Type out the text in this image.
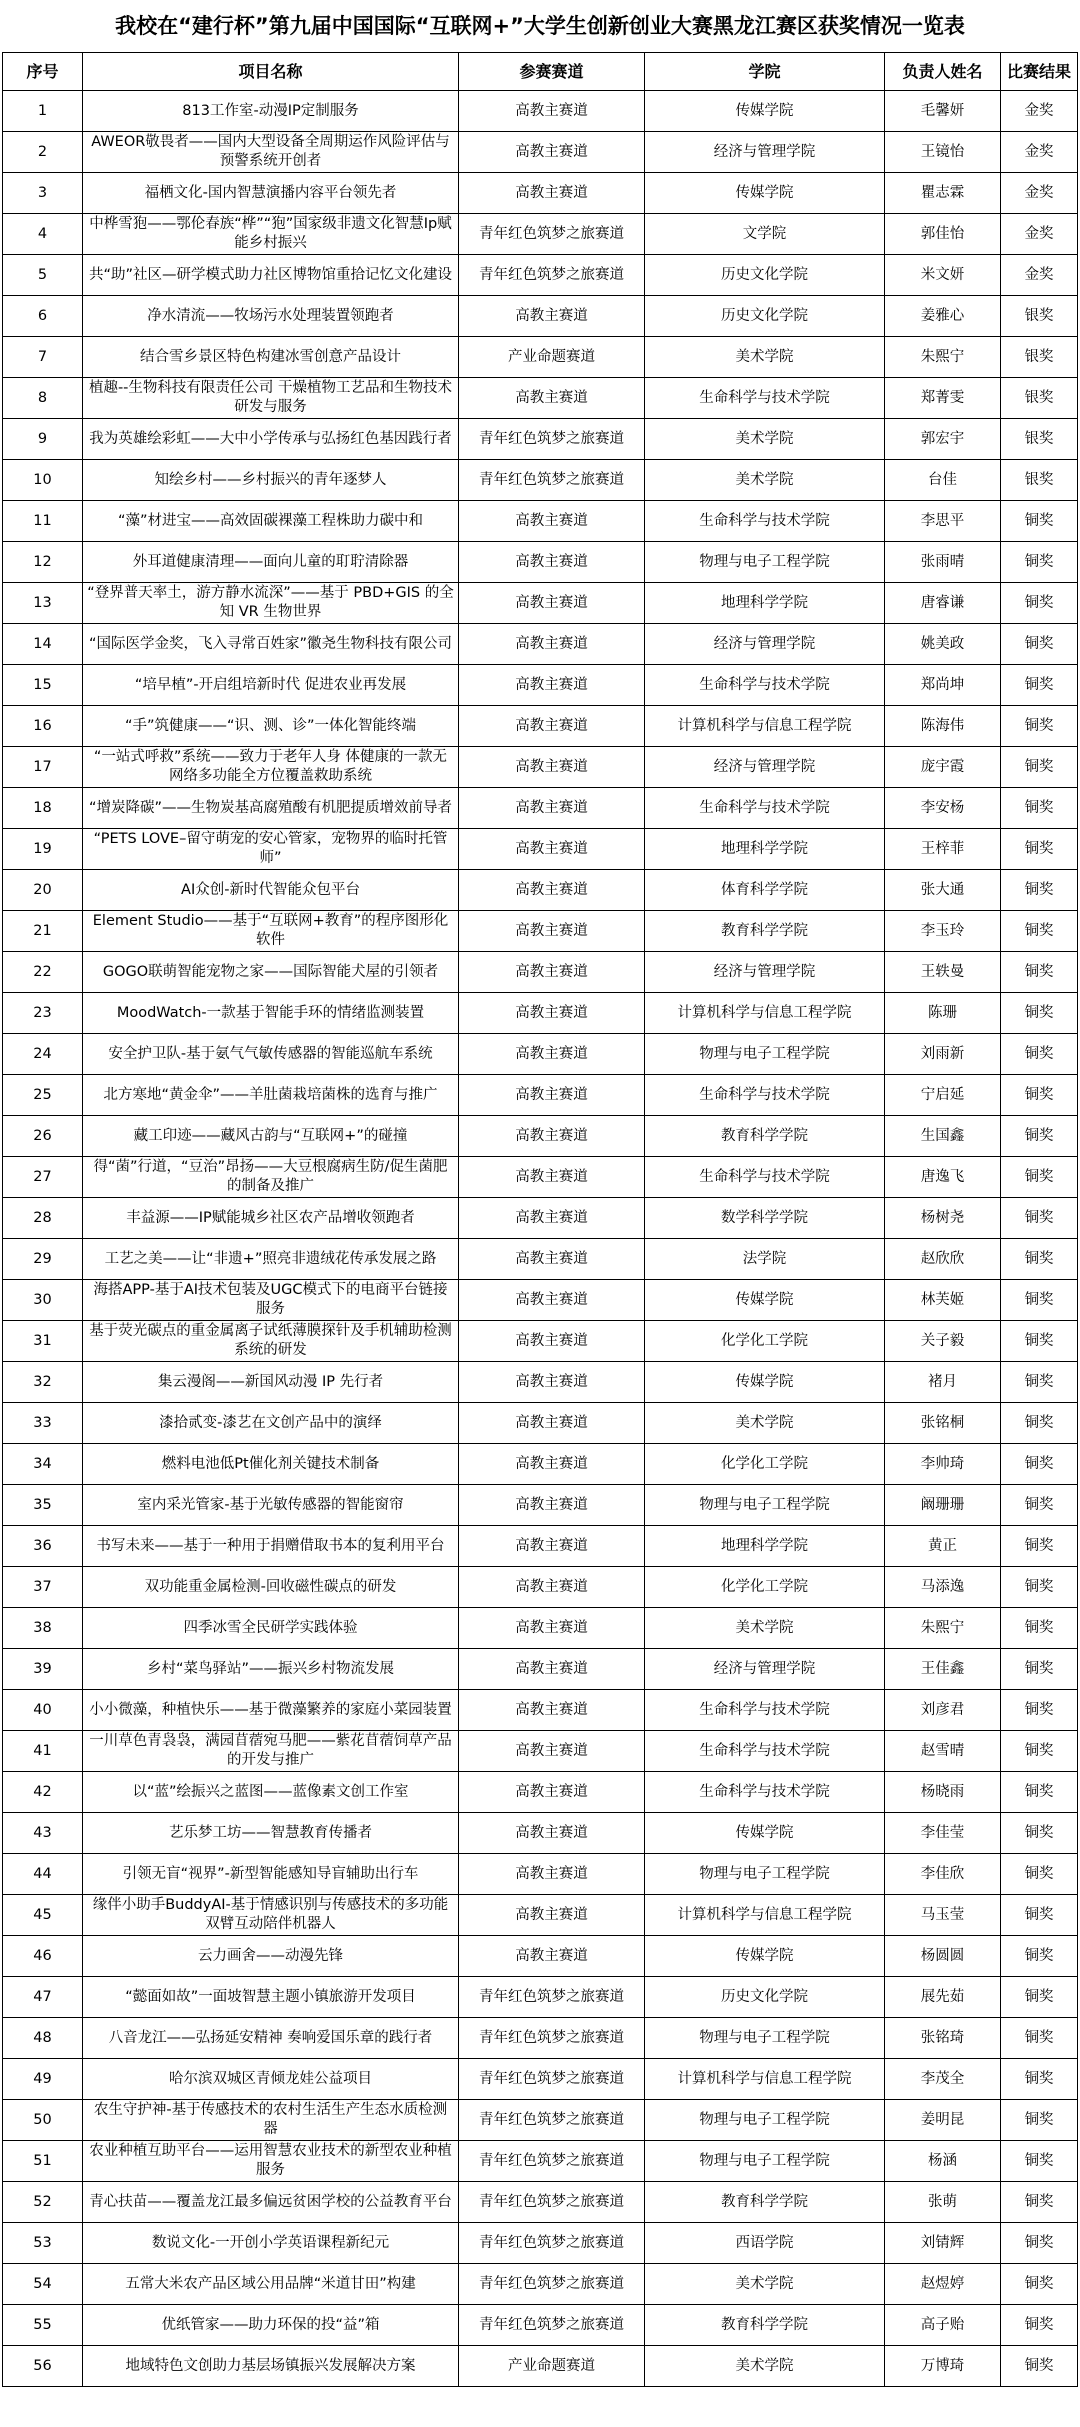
我校在“建行杯”第九届中国国际“互联网+”大学生创新创业大赛黑龙江赛区获奖情况一览表
序号	项目名称	参赛赛道	学院	负责人姓名	比赛结果
1	813工作室-动漫IP定制服务	高教主赛道	传媒学院	毛馨妍	金奖
2	AWEOR敬畏者——国内大型设备全周期运作风险评估与预警系统开创者	高教主赛道	经济与管理学院	王镜怡	金奖
3	福栖文化-国内智慧演播内容平台领先者	高教主赛道	传媒学院	瞿志霖	金奖
4	中桦雪狍——鄂伦春族“桦”“狍”国家级非遗文化智慧Ip赋能乡村振兴	青年红色筑梦之旅赛道	文学院	郭佳怡	金奖
5	共“助”社区—研学模式助力社区博物馆重拾记忆文化建设	青年红色筑梦之旅赛道	历史文化学院	米文妍	金奖
6	净水清流——牧场污水处理装置领跑者	高教主赛道	历史文化学院	姜雅心	银奖
7	结合雪乡景区特色构建冰雪创意产品设计	产业命题赛道	美术学院	朱熙宁	银奖
8	植趣--生物科技有限责任公司 干燥植物工艺品和生物技术研发与服务	高教主赛道	生命科学与技术学院	郑菁雯	银奖
9	我为英雄绘彩虹——大中小学传承与弘扬红色基因践行者	青年红色筑梦之旅赛道	美术学院	郭宏宇	银奖
10	知绘乡村——乡村振兴的青年逐梦人	青年红色筑梦之旅赛道	美术学院	台佳	银奖
11	“藻”材进宝——高效固碳裸藻工程株助力碳中和	高教主赛道	生命科学与技术学院	李思平	铜奖
12	外耳道健康清理——面向儿童的耵聍清除器	高教主赛道	物理与电子工程学院	张雨晴	铜奖
13	“登界普天率土，游方静水流深”——基于 PBD+GIS 的全知 VR 生物世界	高教主赛道	地理科学学院	唐睿谦	铜奖
14	“国际医学金奖，飞入寻常百姓家”徽尧生物科技有限公司	高教主赛道	经济与管理学院	姚美政	铜奖
15	“培早植”-开启组培新时代 促进农业再发展	高教主赛道	生命科学与技术学院	郑尚坤	铜奖
16	“手”筑健康——“识、测、诊”一体化智能终端	高教主赛道	计算机科学与信息工程学院	陈海伟	铜奖
17	“一站式呼救”系统——致力于老年人身 体健康的一款无网络多功能全方位覆盖救助系统	高教主赛道	经济与管理学院	庞宇霞	铜奖
18	“增炭降碳”——生物炭基高腐殖酸有机肥提质增效前导者	高教主赛道	生命科学与技术学院	李安杨	铜奖
19	“PETS LOVE–留守萌宠的安心管家，宠物界的临时托管师”	高教主赛道	地理科学学院	王梓菲	铜奖
20	AI众创-新时代智能众包平台	高教主赛道	体育科学学院	张大通	铜奖
21	Element Studio——基于“互联网+教育”的程序图形化软件	高教主赛道	教育科学学院	李玉玲	铜奖
22	GOGO联萌智能宠物之家——国际智能犬屋的引领者	高教主赛道	经济与管理学院	王轶曼	铜奖
23	MoodWatch-一款基于智能手环的情绪监测装置	高教主赛道	计算机科学与信息工程学院	陈珊	铜奖
24	安全护卫队-基于氨气气敏传感器的智能巡航车系统	高教主赛道	物理与电子工程学院	刘雨新	铜奖
25	北方寒地“黄金伞”——羊肚菌栽培菌株的选育与推广	高教主赛道	生命科学与技术学院	宁启延	铜奖
26	藏工印迹——藏风古韵与“互联网+”的碰撞	高教主赛道	教育科学学院	生国鑫	铜奖
27	得“菌”行道，“豆治”昂扬——大豆根腐病生防/促生菌肥的制备及推广	高教主赛道	生命科学与技术学院	唐逸飞	铜奖
28	丰益源——IP赋能城乡社区农产品增收领跑者	高教主赛道	数学科学学院	杨树尧	铜奖
29	工艺之美——让“非遗+”照亮非遗绒花传承发展之路	高教主赛道	法学院	赵欣欣	铜奖
30	海搭APP-基于AI技术包装及UGC模式下的电商平台链接服务	高教主赛道	传媒学院	林芙姬	铜奖
31	基于荧光碳点的重金属离子试纸薄膜探针及手机辅助检测系统的研发	高教主赛道	化学化工学院	关子毅	铜奖
32	集云漫阁——新国风动漫 IP 先行者	高教主赛道	传媒学院	褚月	铜奖
33	漆拾贰变-漆艺在文创产品中的演绎	高教主赛道	美术学院	张铭桐	铜奖
34	燃料电池低Pt催化剂关键技术制备	高教主赛道	化学化工学院	李帅琦	铜奖
35	室内采光管家-基于光敏传感器的智能窗帘	高教主赛道	物理与电子工程学院	阚珊珊	铜奖
36	书写未来——基于一种用于捐赠借取书本的复利用平台	高教主赛道	地理科学学院	黄正	铜奖
37	双功能重金属检测-回收磁性碳点的研发	高教主赛道	化学化工学院	马添逸	铜奖
38	四季冰雪全民研学实践体验	高教主赛道	美术学院	朱熙宁	铜奖
39	乡村“菜鸟驿站”——振兴乡村物流发展	高教主赛道	经济与管理学院	王佳鑫	铜奖
40	小小微藻，种植快乐——基于微藻繁养的家庭小菜园装置	高教主赛道	生命科学与技术学院	刘彦君	铜奖
41	一川草色青袅袅，满园苜蓿宛马肥——紫花苜蓿饲草产品的开发与推广	高教主赛道	生命科学与技术学院	赵雪晴	铜奖
42	以“蓝”绘振兴之蓝图——蓝像素文创工作室	高教主赛道	生命科学与技术学院	杨晓雨	铜奖
43	艺乐梦工坊——智慧教育传播者	高教主赛道	传媒学院	李佳莹	铜奖
44	引领无盲“视界”-新型智能感知导盲辅助出行车	高教主赛道	物理与电子工程学院	李佳欣	铜奖
45	缘伴小助手BuddyAI-基于情感识别与传感技术的多功能双臂互动陪伴机器人	高教主赛道	计算机科学与信息工程学院	马玉莹	铜奖
46	云力画舍——动漫先锋	高教主赛道	传媒学院	杨圆圆	铜奖
47	“懿面如故”一面坡智慧主题小镇旅游开发项目	青年红色筑梦之旅赛道	历史文化学院	展先茹	铜奖
48	八音龙江——弘扬延安精神 奏响爱国乐章的践行者	青年红色筑梦之旅赛道	物理与电子工程学院	张铭琦	铜奖
49	哈尔滨双城区青倾龙娃公益项目	青年红色筑梦之旅赛道	计算机科学与信息工程学院	李茂全	铜奖
50	农生守护神-基于传感技术的农村生活生产生态水质检测器	青年红色筑梦之旅赛道	物理与电子工程学院	姜明昆	铜奖
51	农业种植互助平台——运用智慧农业技术的新型农业种植服务	青年红色筑梦之旅赛道	物理与电子工程学院	杨涵	铜奖
52	青心扶苗——覆盖龙江最多偏远贫困学校的公益教育平台	青年红色筑梦之旅赛道	教育科学学院	张萌	铜奖
53	数说文化-一开创小学英语课程新纪元	青年红色筑梦之旅赛道	西语学院	刘锖辉	铜奖
54	五常大米农产品区域公用品牌“米道甘田”构建	青年红色筑梦之旅赛道	美术学院	赵煜婷	铜奖
55	优纸管家——助力环保的投“益”箱	青年红色筑梦之旅赛道	教育科学学院	高子贻	铜奖
56	地域特色文创助力基层场镇振兴发展解决方案	产业命题赛道	美术学院	万博琦	铜奖
